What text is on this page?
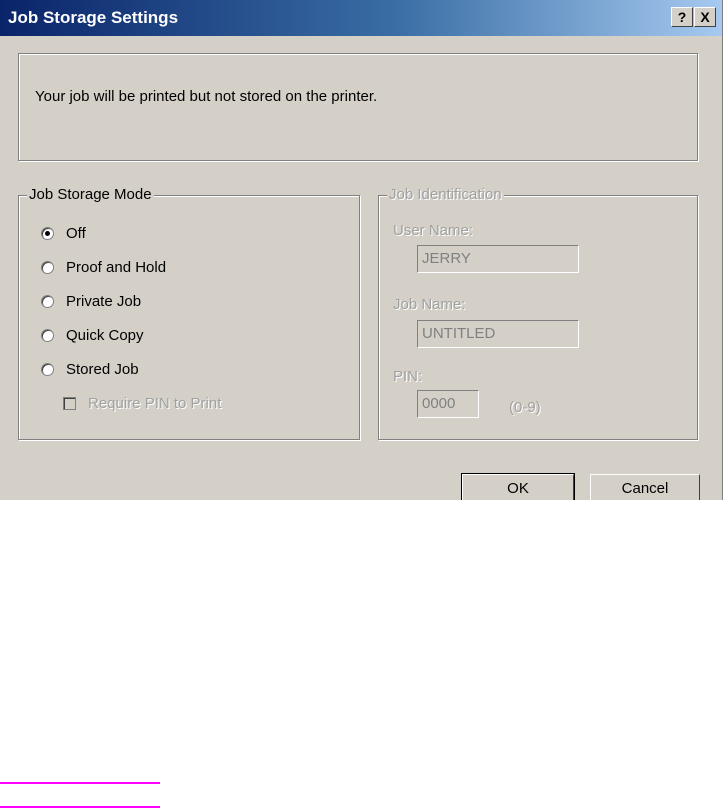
Job Storage Settings	?	X
Your job will be printed but not stored on the printer.
Job Storage Mode
Off
Proof and Hold
Private Job
Quick Copy
Stored Job
Require PIN to Print
Job Identification
User Name:
JERRY
Job Name:
UNTITLED
PIN:
0000	(0-9)
OK	Cancel
